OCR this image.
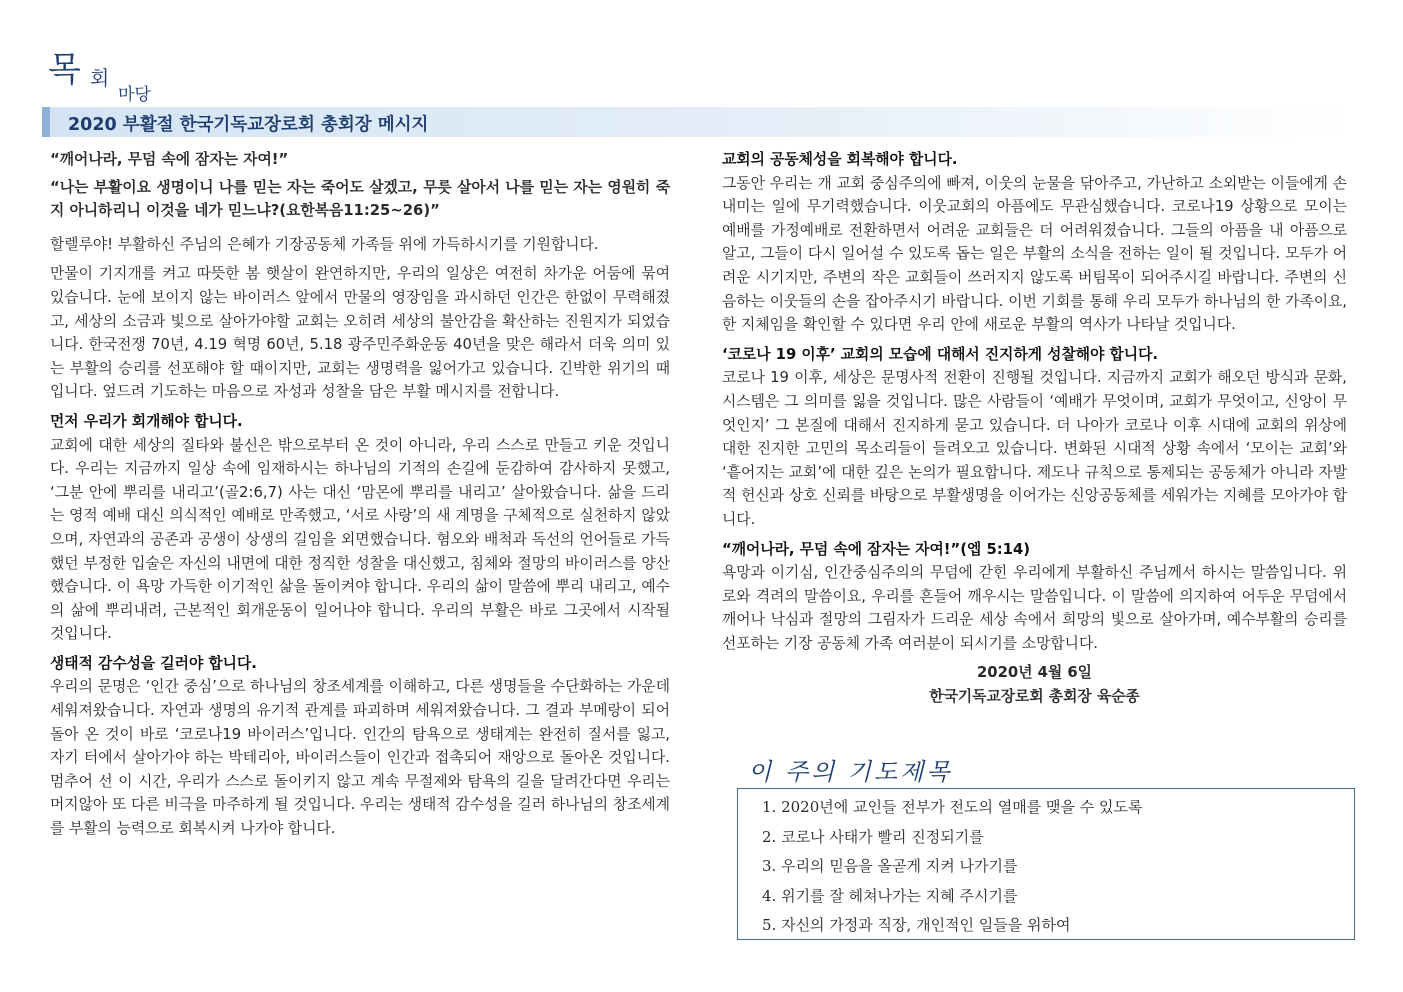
목 회
마당
2020 부활절 한국기독교장로회 총회장 메시지

“깨어나라, 무덤 속에 잠자는 자여!”

“나는 부활이요 생명이니 나를 믿는 자는 죽어도 살겠고, 무릇 살아서 나를 믿는 자는 영원히 죽지 아니하리니 이것을 네가 믿느냐?(요한복음11:25~26)”

할렐루야! 부활하신 주님의 은혜가 기장공동체 가족들 위에 가득하시기를 기원합니다.

만물이 기지개를 켜고 따뜻한 봄 햇살이 완연하지만, 우리의 일상은 여전히 차가운 어둠에 묶여 있습니다. 눈에 보이지 않는 바이러스 앞에서 만물의 영장임을 과시하던 인간은 한없이 무력해졌고, 세상의 소금과 빛으로 살아가야할 교회는 오히려 세상의 불안감을 확산하는 진원지가 되었습니다. 한국전쟁 70년, 4.19 혁명 60년, 5.18 광주민주화운동 40년을 맞은 해라서 더욱 의미 있는 부활의 승리를 선포해야 할 때이지만, 교회는 생명력을 잃어가고 있습니다. 긴박한 위기의 때입니다. 엎드려 기도하는 마음으로 자성과 성찰을 담은 부활 메시지를 전합니다.

먼저 우리가 회개해야 합니다.

교회에 대한 세상의 질타와 불신은 밖으로부터 온 것이 아니라, 우리 스스로 만들고 키운 것입니다. 우리는 지금까지 일상 속에 임재하시는 하나님의 기적의 손길에 둔감하여 감사하지 못했고, ‘그분 안에 뿌리를 내리고’(골2:6,7) 사는 대신 ‘맘몬에 뿌리를 내리고’ 살아왔습니다. 삶을 드리는 영적 예배 대신 의식적인 예배로 만족했고, ‘서로 사랑’의 새 계명을 구체적으로 실천하지 않았으며, 자연과의 공존과 공생이 상생의 길임을 외면했습니다. 혐오와 배척과 독선의 언어들로 가득했던 부정한 입술은 자신의 내면에 대한 정직한 성찰을 대신했고, 침체와 절망의 바이러스를 양산했습니다. 이 욕망 가득한 이기적인 삶을 돌이켜야 합니다. 우리의 삶이 말씀에 뿌리 내리고, 예수의 삶에 뿌리내려, 근본적인 회개운동이 일어나야 합니다. 우리의 부활은 바로 그곳에서 시작될 것입니다.

생태적 감수성을 길러야 합니다.

우리의 문명은 ‘인간 중심’으로 하나님의 창조세계를 이해하고, 다른 생명들을 수단화하는 가운데 세워져왔습니다. 자연과 생명의 유기적 관계를 파괴하며 세워져왔습니다. 그 결과 부메랑이 되어 돌아 온 것이 바로 ‘코로나19 바이러스’입니다. 인간의 탐욕으로 생태계는 완전히 질서를 잃고, 자기 터에서 살아가야 하는 박테리아, 바이러스들이 인간과 접촉되어 재앙으로 돌아온 것입니다. 멈추어 선 이 시간, 우리가 스스로 돌이키지 않고 계속 무절제와 탐욕의 길을 달려간다면 우리는 머지않아 또 다른 비극을 마주하게 될 것입니다. 우리는 생태적 감수성을 길러 하나님의 창조세계를 부활의 능력으로 회복시켜 나가야 합니다.

교회의 공동체성을 회복해야 합니다.

그동안 우리는 개 교회 중심주의에 빠져, 이웃의 눈물을 닦아주고, 가난하고 소외받는 이들에게 손 내미는 일에 무기력했습니다. 이웃교회의 아픔에도 무관심했습니다. 코로나19 상황으로 모이는 예배를 가정예배로 전환하면서 어려운 교회들은 더 어려워졌습니다. 그들의 아픔을 내 아픔으로 알고, 그들이 다시 일어설 수 있도록 돕는 일은 부활의 소식을 전하는 일이 될 것입니다. 모두가 어려운 시기지만, 주변의 작은 교회들이 쓰러지지 않도록 버팀목이 되어주시길 바랍니다. 주변의 신음하는 이웃들의 손을 잡아주시기 바랍니다. 이번 기회를 통해 우리 모두가 하나님의 한 가족이요, 한 지체임을 확인할 수 있다면 우리 안에 새로운 부활의 역사가 나타날 것입니다.

‘코로나 19 이후’ 교회의 모습에 대해서 진지하게 성찰해야 합니다.

코로나 19 이후, 세상은 문명사적 전환이 진행될 것입니다. 지금까지 교회가 해오던 방식과 문화, 시스템은 그 의미를 잃을 것입니다. 많은 사람들이 ‘예배가 무엇이며, 교회가 무엇이고, 신앙이 무엇인지’ 그 본질에 대해서 진지하게 묻고 있습니다. 더 나아가 코로나 이후 시대에 교회의 위상에 대한 진지한 고민의 목소리들이 들려오고 있습니다. 변화된 시대적 상황 속에서 ‘모이는 교회’와 ‘흩어지는 교회’에 대한 깊은 논의가 필요합니다. 제도나 규칙으로 통제되는 공동체가 아니라 자발적 헌신과 상호 신뢰를 바탕으로 부활생명을 이어가는 신앙공동체를 세워가는 지혜를 모아가야 합니다.

“깨어나라, 무덤 속에 잠자는 자여!”(엡 5:14)

욕망과 이기심, 인간중심주의의 무덤에 갇힌 우리에게 부활하신 주님께서 하시는 말씀입니다. 위로와 격려의 말씀이요, 우리를 흔들어 깨우시는 말씀입니다. 이 말씀에 의지하여 어두운 무덤에서 깨어나 낙심과 절망의 그림자가 드리운 세상 속에서 희망의 빛으로 살아가며, 예수부활의 승리를 선포하는 기장 공동체 가족 여러분이 되시기를 소망합니다.

2020년 4월 6일

한국기독교장로회 총회장 육순종

이 주의 기도제목
1. 2020년에 교인들 전부가 전도의 열매를 맺을 수 있도록
2. 코로나 사태가 빨리 진정되기를
3. 우리의 믿음을 올곧게 지켜 나가기를
4. 위기를 잘 헤쳐나가는 지혜 주시기를
5. 자신의 가정과 직장, 개인적인 일들을 위하여
